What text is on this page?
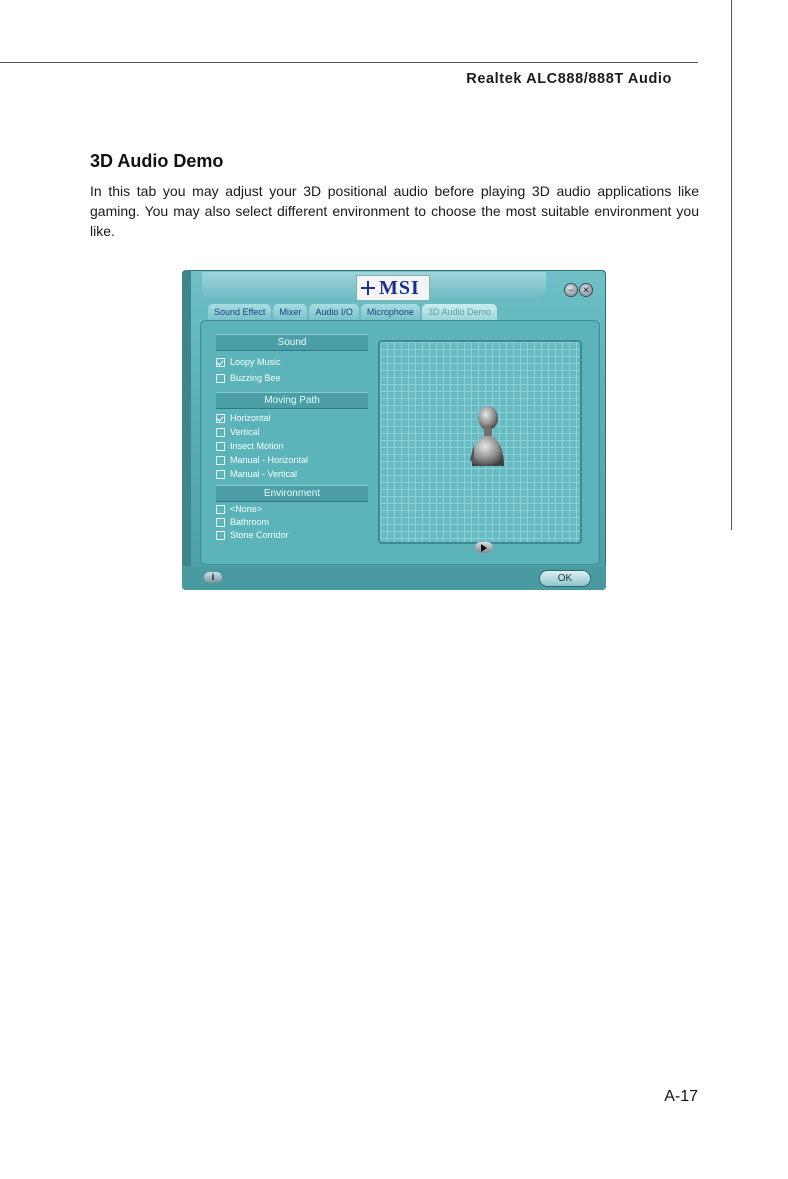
Realtek ALC888/888T Audio
3D Audio Demo
In this tab you may adjust your 3D positional audio before playing 3D audio applications like gaming. You may also select different environment to choose the most suitable environment you like.
MSI	− ✕
Sound Effect	Mixer	Audio I/O	Microphone	3D Audio Demo
Sound
Loopy Music
Buzzing Bee
Moving Path
Horizontal
Vertical
Insect Motion
Manual - Horizontal
Manual - Vertical
Environment
<None>
Bathroom
Stone Corridor
i	OK
A-17
